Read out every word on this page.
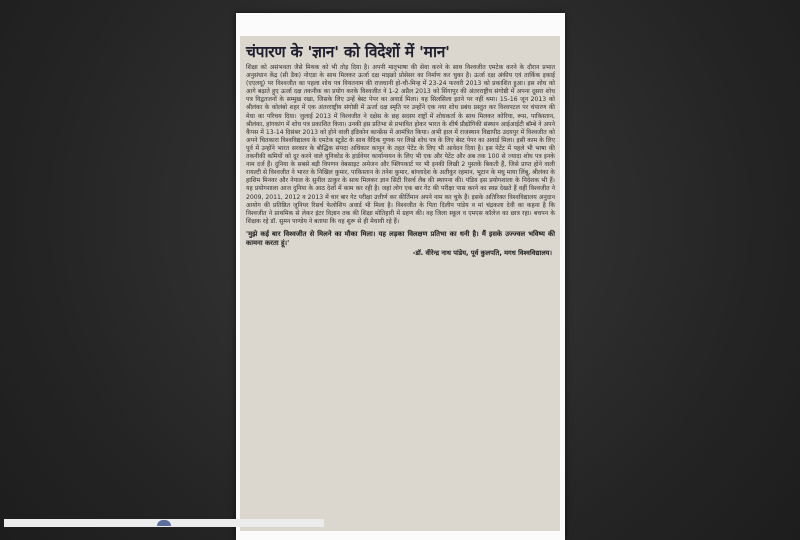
चंपारण के 'ज्ञान' को विदेशों में 'मान'
शिक्षा को असंभवता जैसे मिथक को भी तोड़ दिया है। अपनी मातृभाषा की सेवा करने के साथ विश्वजीत एमटेक करने के दौरान प्रभात अनुसंधान केंद्र (सी डैक) नोएडा के साथ मिलकर ऊर्जा दक्ष माइक्रो प्रोसेसर का निर्माण कर चुका है। ऊर्जा दक्ष अंकीय एवं तार्किक इकाई (एएलयू) पर विश्वजीत का पहला शोध पत्र वियतनाम की राजधानी हो-ची-मिन्ह में 23-24 फरवरी 2013 को प्रकाशित हुआ। इस शोध को आगे बढ़ाते हुए ऊर्जा दक्ष तकनीक का प्रयोग करके विश्वजीत ने 1-2 अप्रैल 2013 को सिंगापुर की अंतरराष्ट्रीय संगोष्ठी में अपना दूसरा शोध पत्र विद्वतजनों के सम्मुख रखा, जिसके लिए उन्हें बेस्ट पेपर का अवार्ड मिला। यह सिलसिला इतने पर नहीं थमा। 15-16 जून 2013 को श्रीलंका के कोलंबो शहर में एक अंतरराष्ट्रीय संगोष्ठी में ऊर्जा दक्ष स्मृति पर उन्होंने एक नया शोध प्रबंध प्रस्तुत कर विश्वपटल पर चंपारण की मेधा का परिचय दिया। जुलाई 2013 में विश्वजीत ने दक्षेस के छह सदस्य राष्ट्रों में शोधकर्ता के साथ मिलकर कोरिया, रूस, पाकिस्तान, श्रीलंका, हांगकांग में शोध पत्र प्रकाशित किया। उनकी इस प्रतिभा से प्रभावित होकर भारत के शीर्ष प्रौद्योगिकी संस्थान आईआईटी बॉम्बे ने अपने कैंपस में 13-14 दिसंबर 2013 को होने वाली इंडिकोन कान्फ्रेंस में आमंत्रित किया। अभी हाल में राजस्थान विद्यापीठ उदयपुर में विश्वजीत को अपने चितकारा विश्वविद्यालय के एमटेक स्टूडेंट के साथ वैदिक गुणक पर लिखे शोध पत्र के लिए बेस्ट पेपर का अवार्ड मिला। इसी काम के लिए पूर्व में उन्होंने भारत सरकार के बौद्धिक संपदा अधिकार कानून के तहत पेटेंट के लिए भी आवेदन दिया है। इस पेटेंट में पहले भी भाषा की तकनीकी कमियों को दूर करने वाले यूनिकोड के हार्डवेयर कार्यान्वयन के लिए भी एक और पेटेंट और अब तक 100 से ज्यादा शोध पत्र इनके नाम दर्ज हैं। दुनिया के सबसे बड़ी विपणन वेबसाइट अमेजन और फ्लिपकार्ट पर भी इनकी लिखी 2 पुस्तकें बिकती हैं, जिसे प्राप्त होने वाली रायल्टी से विश्वजीत ने भारत के निखिल कुमार, पाकिस्तान के तनेश कुमार, बांग्लादेश के अतीकुर रहमान, भूटान के मधु माया लिंबू, श्रीलंका के हाशिम मिनवर और नेपाल के सुनील ठाकुर के साथ मिलकर ज्ञान सिटी रिसर्च लैब की स्थापना की। पंडिय इस प्रयोगशाला के निदेशक भी हैं। यह प्रयोगशाला आज दुनिया के आठ देशों में काम कर रही है। जहां लोग एक बार गेट की परीक्षा पास करने का स्वप्न देखते हैं वहीं विश्वजीत ने 2009, 2011, 2012 व 2013 में चार बार गेट परीक्षा उत्तीर्ण कर कीर्तिमान अपने नाम कर चुके हैं। इसके अतिरिक्त विश्वविद्यालय अनुदान आयोग की प्रतिष्ठित जूनियर रिसर्च फेलोशिप अवार्ड भी मिला है। विश्वजीत के पिता दिलीप पांडेय व मां चंद्रकला देवी का कहना है कि विश्वजीत ने प्राथमिक से लेकर इंटर विज्ञान तक की शिक्षा मोतिहारी में ग्रहण की। वह जिला स्कूल व एमएस कॉलेज का छात्र रहा। बचपन के शिक्षक रहे डॉ. सुमन पाण्डेय ने बताया कि वह शुरू से ही मेधावी रहे हैं।
'मुझे कई बार विश्वजीत से मिलने का मौका मिला। यह लड़का विलक्षण प्रतिभा का धनी है। मैं इसके उज्ज्वल भविष्य की कामना करता हूं।'
-डॉ. वीरेन्द्र नाथ पांडेय, पूर्व कुलपति, मगध विश्वविद्यालय।
